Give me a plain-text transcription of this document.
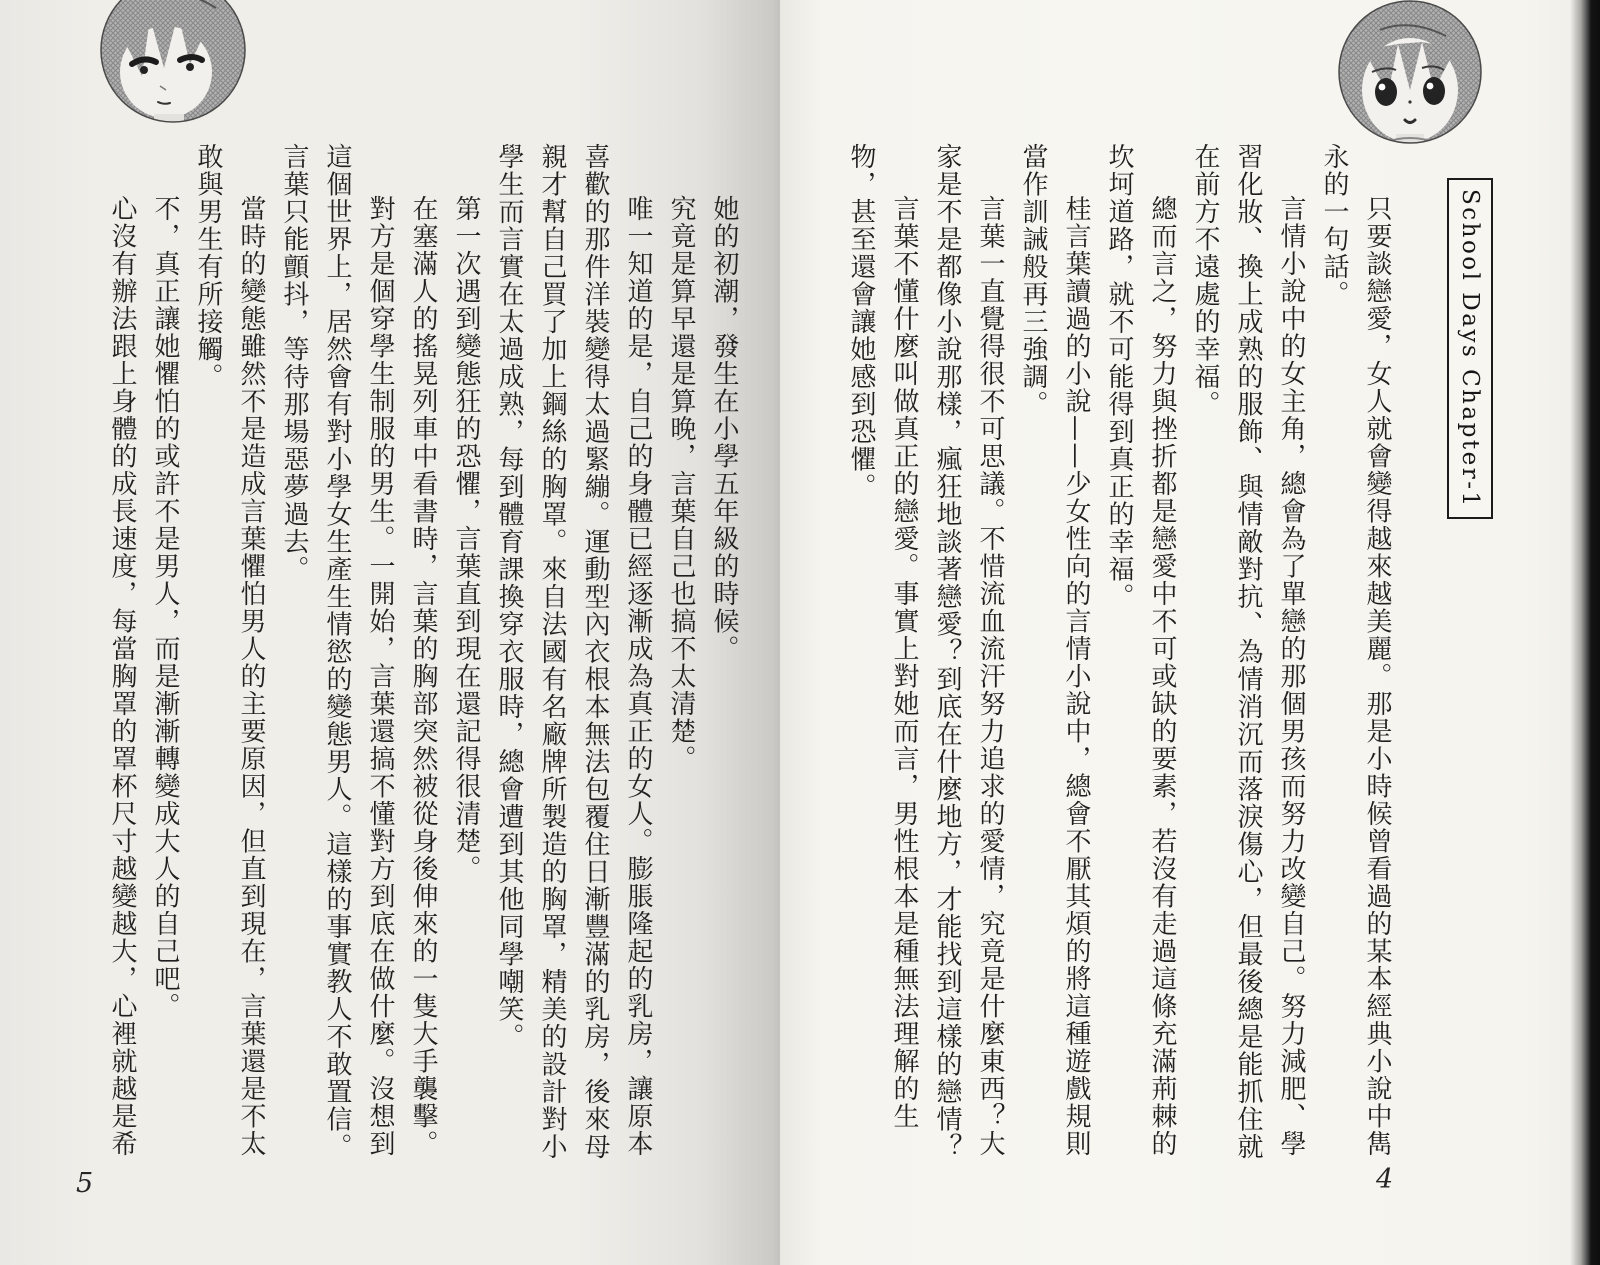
她的初潮，發生在小學五年級的時候。

究竟是算早還是算晚，言葉自己也搞不太清楚。

唯一知道的是，自己的身體已經逐漸成為真正的女人。膨脹隆起的乳房，讓原本喜歡的那件洋裝變得太過緊繃。運動型內衣根本無法包覆住日漸豐滿的乳房，後來母親才幫自己買了加上鋼絲的胸罩。來自法國有名廠牌所製造的胸罩，精美的設計對小學生而言實在太過成熟，每到體育課換穿衣服時，總會遭到其他同學嘲笑。

第一次遇到變態狂的恐懼，言葉直到現在還記得很清楚。

在塞滿人的搖晃列車中看書時，言葉的胸部突然被從身後伸來的一隻大手襲擊。

對方是個穿學生制服的男生。一開始，言葉還搞不懂對方到底在做什麼。沒想到這個世界上，居然會有對小學女生產生情慾的變態男人。這樣的事實教人不敢置信。言葉只能顫抖，等待那場惡夢過去。

當時的變態雖然不是造成言葉懼怕男人的主要原因，但直到現在，言葉還是不太敢與男生有所接觸。

不，真正讓她懼怕的或許不是男人，而是漸漸轉變成大人的自己吧。

心沒有辦法跟上身體的成長速度，每當胸罩的罩杯尺寸越變越大，心裡就越是希

5
School Days Chapter-1

只要談戀愛，女人就會變得越來越美麗。那是小時候曾看過的某本經典小說中雋永的一句話。

言情小說中的女主角，總會為了單戀的那個男孩而努力改變自己。努力減肥、學習化妝、換上成熟的服飾、與情敵對抗、為情消沉而落淚傷心，但最後總是能抓住就在前方不遠處的幸福。

總而言之，努力與挫折都是戀愛中不可或缺的要素，若沒有走過這條充滿荊棘的坎坷道路，就不可能得到真正的幸福。

桂言葉讀過的小說——少女性向的言情小說中，總會不厭其煩的將這種遊戲規則當作訓誡般再三強調。

言葉一直覺得很不可思議。不惜流血流汗努力追求的愛情，究竟是什麼東西？大家是不是都像小說那樣，瘋狂地談著戀愛？到底在什麼地方，才能找到這樣的戀情？

言葉不懂什麼叫做真正的戀愛。事實上對她而言，男性根本是種無法理解的生物，甚至還會讓她感到恐懼。

4
